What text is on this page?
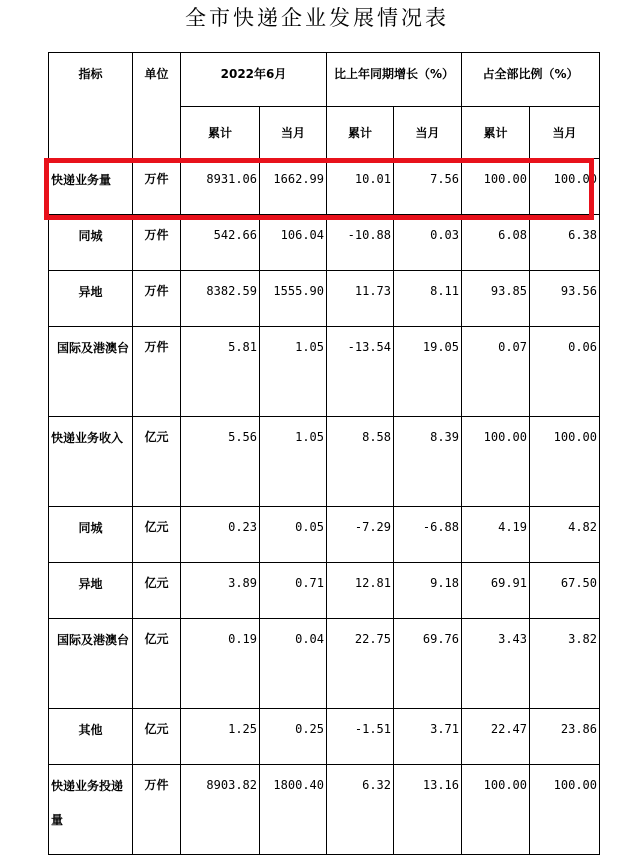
全市快递企业发展情况表
指标	单位	2022年6月		比上年同期增长（%）		占全部比例（%）	
		累计	当月	累计	当月	累计	当月
快递业务量	万件	8931.06	1662.99	10.01	7.56	100.00	100.00
同城	万件	542.66	106.04	-10.88	0.03	6.08	6.38
异地	万件	8382.59	1555.90	11.73	8.11	93.85	93.56
国际及港澳台	万件	5.81	1.05	-13.54	19.05	0.07	0.06
快递业务收入	亿元	5.56	1.05	8.58	8.39	100.00	100.00
同城	亿元	0.23	0.05	-7.29	-6.88	4.19	4.82
异地	亿元	3.89	0.71	12.81	9.18	69.91	67.50
国际及港澳台	亿元	0.19	0.04	22.75	69.76	3.43	3.82
其他	亿元	1.25	0.25	-1.51	3.71	22.47	23.86
快递业务投递量	万件	8903.82	1800.40	6.32	13.16	100.00	100.00
